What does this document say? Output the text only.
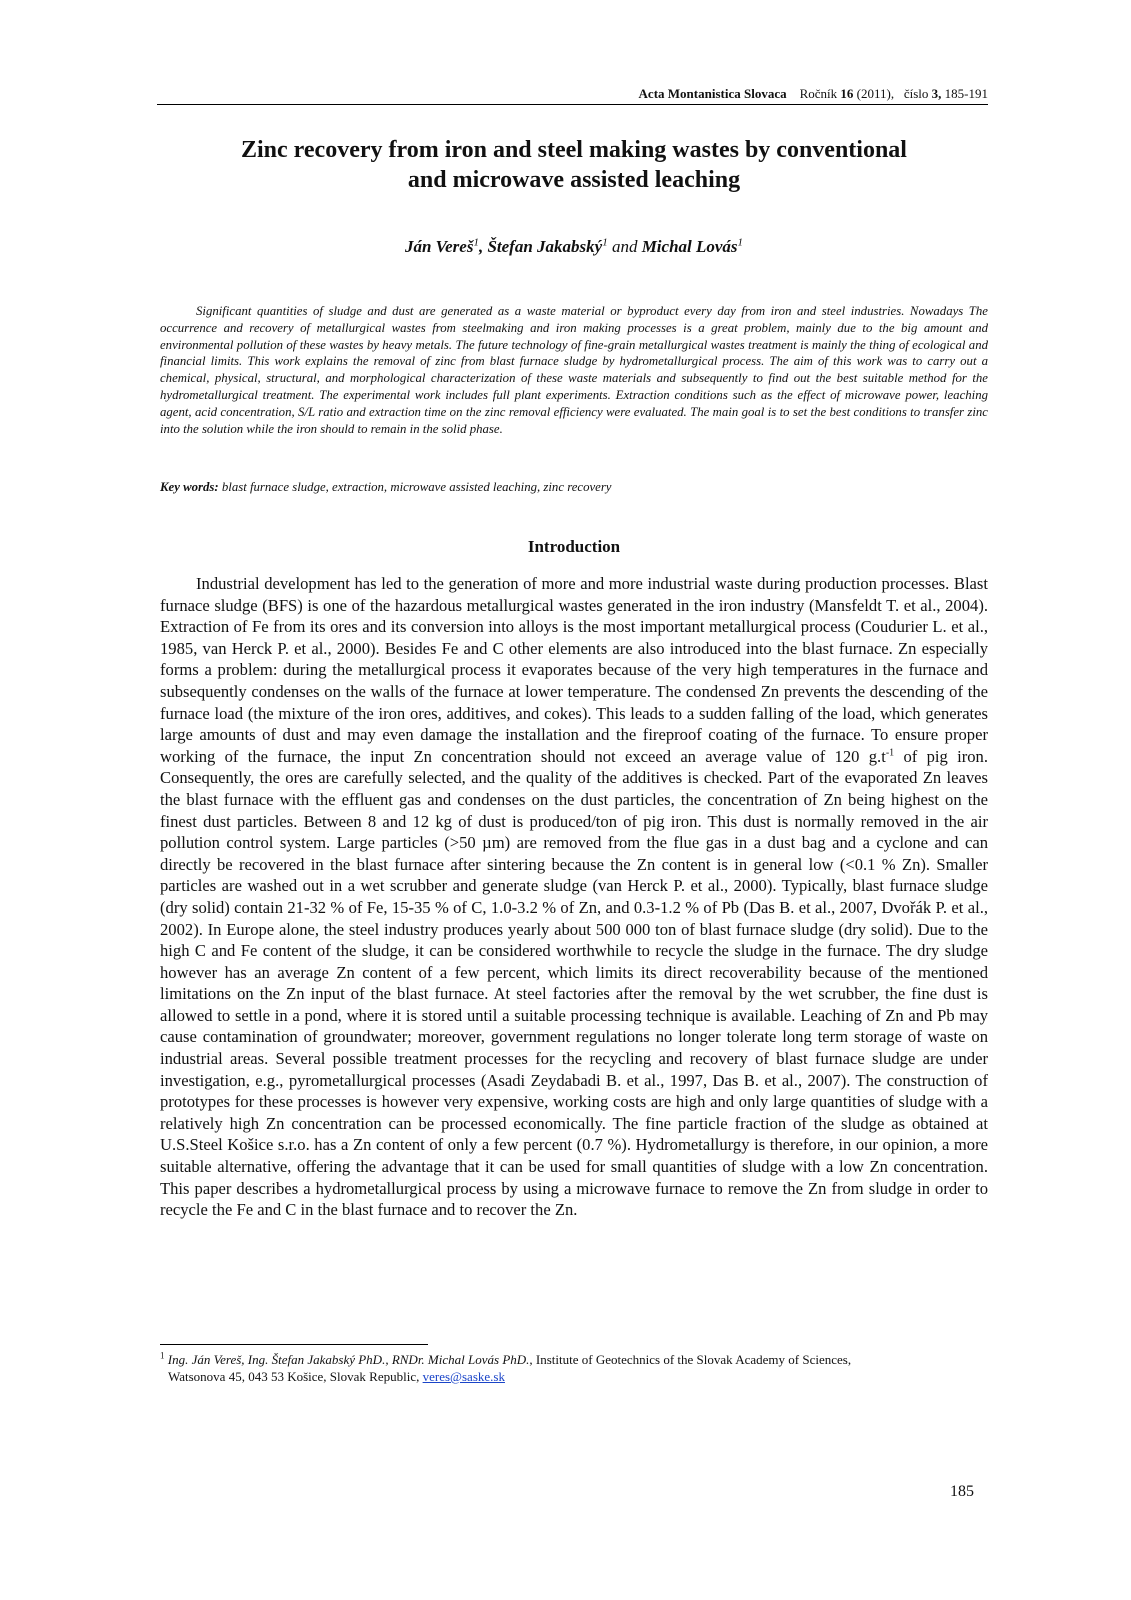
Acta Montanistica Slovaca Ročník 16 (2011), číslo 3, 185-191
Zinc recovery from iron and steel making wastes by conventional
and microwave assisted leaching
Ján Vereš$^1$, Štefan Jakabský$^1$ and Michal Lovás$^1$

Significant quantities of sludge and dust are generated as a waste material or byproduct every day from iron and steel industries. Nowadays The occurrence and recovery of metallurgical wastes from steelmaking and iron making processes is a great problem, mainly due to the big amount and environmental pollution of these wastes by heavy metals. The future technology of fine-grain metallurgical wastes treatment is mainly the thing of ecological and financial limits. This work explains the removal of zinc from blast furnace sludge by hydrometallurgical process. The aim of this work was to carry out a chemical, physical, structural, and morphological characterization of these waste materials and subsequently to find out the best suitable method for the hydrometallurgical treatment. The experimental work includes full plant experiments. Extraction conditions such as the effect of microwave power, leaching agent, acid concentration, S/L ratio and extraction time on the zinc removal efficiency were evaluated. The main goal is to set the best conditions to transfer zinc into the solution while the iron should to remain in the solid phase.

Key words: blast furnace sludge, extraction, microwave assisted leaching, zinc recovery

Introduction

Industrial development has led to the generation of more and more industrial waste during production processes. Blast furnace sludge (BFS) is one of the hazardous metallurgical wastes generated in the iron industry (Mansfeldt T. et al., 2004). Extraction of Fe from its ores and its conversion into alloys is the most important metallurgical process (Coudurier L. et al., 1985, van Herck P. et al., 2000). Besides Fe and C other elements are also introduced into the blast furnace. Zn especially forms a problem: during the metallurgical process it evaporates because of the very high temperatures in the furnace and subsequently condenses on the walls of the furnace at lower temperature. The condensed Zn prevents the descending of the furnace load (the mixture of the iron ores, additives, and cokes). This leads to a sudden falling of the load, which generates large amounts of dust and may even damage the installation and the fireproof coating of the furnace. To ensure proper working of the furnace, the input Zn concentration should not exceed an average value of 120 $g.t^{-1}$ of pig iron. Consequently, the ores are carefully selected, and the quality of the additives is checked. Part of the evaporated Zn leaves the blast furnace with the effluent gas and condenses on the dust particles, the concentration of Zn being highest on the finest dust particles. Between 8 and 12 kg of dust is produced/ton of pig iron. This dust is normally removed in the air pollution control system. Large particles (>50 µm) are removed from the flue gas in a dust bag and a cyclone and can directly be recovered in the blast furnace after sintering because the Zn content is in general low (<0.1 % Zn). Smaller particles are washed out in a wet scrubber and generate sludge (van Herck P. et al., 2000). Typically, blast furnace sludge (dry solid) contain 21-32 % of Fe, 15-35 % of C, 1.0-3.2 % of Zn, and 0.3-1.2 % of Pb (Das B. et al., 2007, Dvořák P. et al., 2002). In Europe alone, the steel industry produces yearly about 500 000 ton of blast furnace sludge (dry solid). Due to the high C and Fe content of the sludge, it can be considered worthwhile to recycle the sludge in the furnace. The dry sludge however has an average Zn content of a few percent, which limits its direct recoverability because of the mentioned limitations on the Zn input of the blast furnace. At steel factories after the removal by the wet scrubber, the fine dust is allowed to settle in a pond, where it is stored until a suitable processing technique is available. Leaching of Zn and Pb may cause contamination of groundwater; moreover, government regulations no longer tolerate long term storage of waste on industrial areas. Several possible treatment processes for the recycling and recovery of blast furnace sludge are under investigation, e.g., pyrometallurgical processes (Asadi Zeydabadi B. et al., 1997, Das B. et al., 2007). The construction of prototypes for these processes is however very expensive, working costs are high and only large quantities of sludge with a relatively high Zn concentration can be processed economically. The fine particle fraction of the sludge as obtained at U.S.Steel Košice s.r.o. has a Zn content of only a few percent (0.7 %). Hydrometallurgy is therefore, in our opinion, a more suitable alternative, offering the advantage that it can be used for small quantities of sludge with a low Zn concentration. This paper describes a hydrometallurgical process by using a microwave furnace to remove the Zn from sludge in order to recycle the Fe and C in the blast furnace and to recover the Zn.

$^1$ Ing. Ján Vereš, Ing. Štefan Jakabský PhD., RNDr. Michal Lovás PhD., Institute of Geotechnics of the Slovak Academy of Sciences,
Watsonova 45, 043 53 Košice, Slovak Republic, veres@saske.sk

185
